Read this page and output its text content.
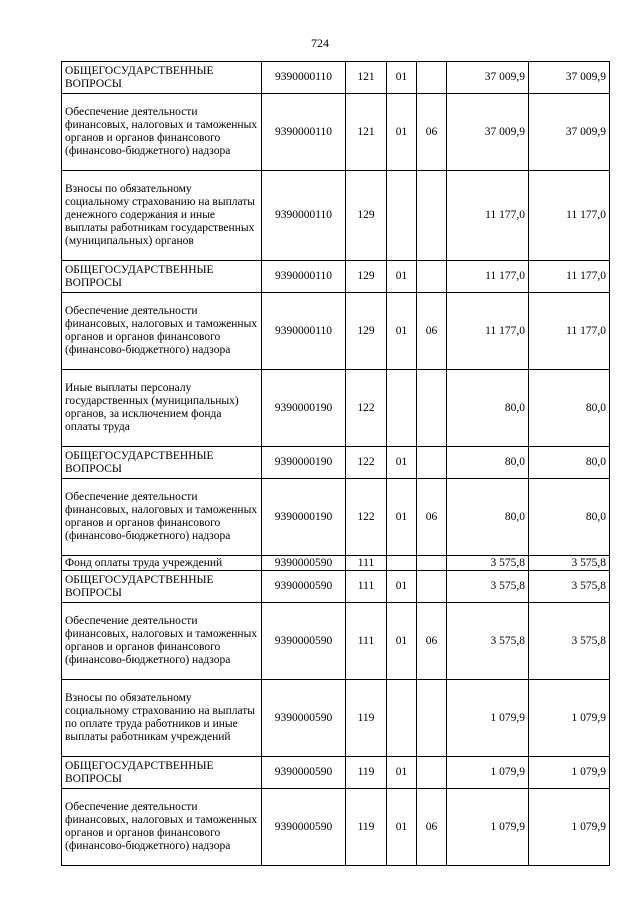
724
ОБЩЕГОСУДАРСТВЕННЫЕ ВОПРОСЫ	9390000110	121	01		37 009,9	37 009,9
Обеспечение деятельности финансовых, налоговых и таможенных органов и органов финансового (финансово-бюджетного) надзора	9390000110	121	01	06	37 009,9	37 009,9
Взносы по обязательному социальному страхованию на выплаты денежного содержания и иные выплаты работникам государственных (муниципальных) органов	9390000110	129			11 177,0	11 177,0
ОБЩЕГОСУДАРСТВЕННЫЕ ВОПРОСЫ	9390000110	129	01		11 177,0	11 177,0
Обеспечение деятельности финансовых, налоговых и таможенных органов и органов финансового (финансово-бюджетного) надзора	9390000110	129	01	06	11 177,0	11 177,0
Иные выплаты персоналу государственных (муниципальных) органов, за исключением фонда оплаты труда	9390000190	122			80,0	80,0
ОБЩЕГОСУДАРСТВЕННЫЕ ВОПРОСЫ	9390000190	122	01		80,0	80,0
Обеспечение деятельности финансовых, налоговых и таможенных органов и органов финансового (финансово-бюджетного) надзора	9390000190	122	01	06	80,0	80,0
Фонд оплаты труда учреждений	9390000590	111			3 575,8	3 575,8
ОБЩЕГОСУДАРСТВЕННЫЕ ВОПРОСЫ	9390000590	111	01		3 575,8	3 575,8
Обеспечение деятельности финансовых, налоговых и таможенных органов и органов финансового (финансово-бюджетного) надзора	9390000590	111	01	06	3 575,8	3 575,8
Взносы по обязательному социальному страхованию на выплаты по оплате труда работников и иные выплаты работникам учреждений	9390000590	119			1 079,9	1 079,9
ОБЩЕГОСУДАРСТВЕННЫЕ ВОПРОСЫ	9390000590	119	01		1 079,9	1 079,9
Обеспечение деятельности финансовых, налоговых и таможенных органов и органов финансового (финансово-бюджетного) надзора	9390000590	119	01	06	1 079,9	1 079,9
